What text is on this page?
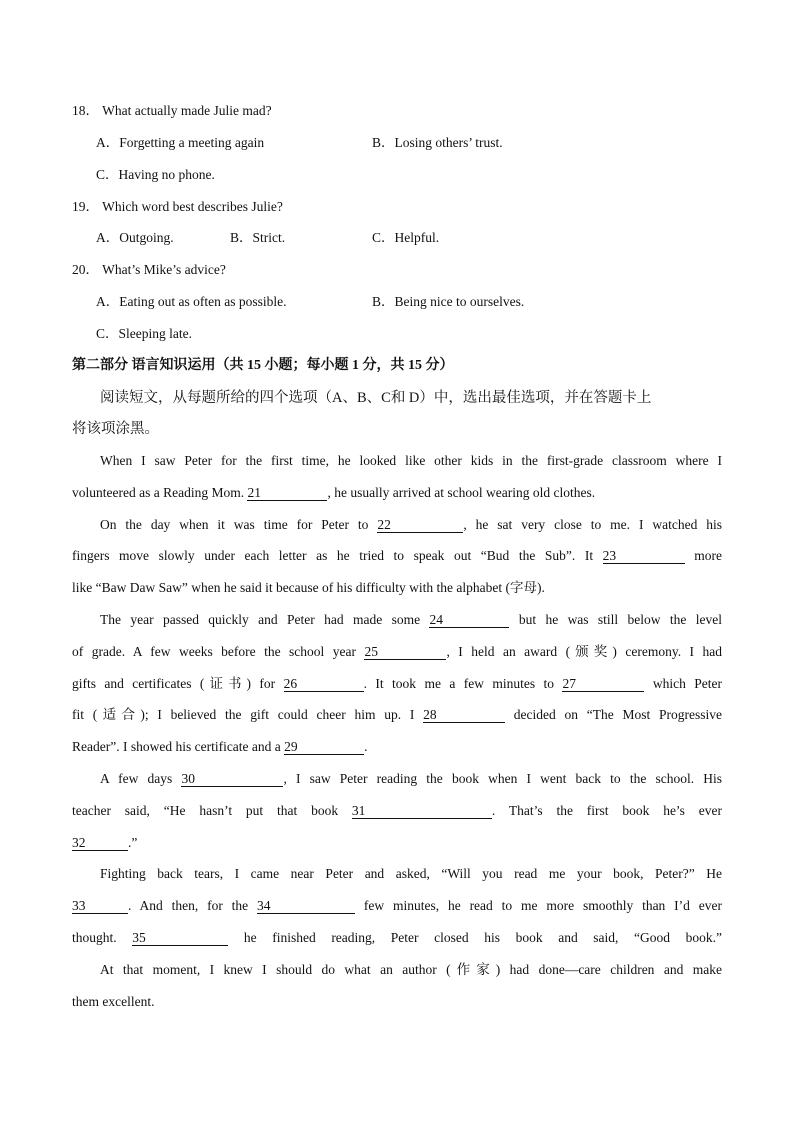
18． What actually made Julie mad?
A．Forgetting a meeting again	B．Losing others’ trust.
C．Having no phone.
19． Which word best describes Julie?
A．Outgoing.	B．Strict.	C．Helpful.
20． What’s Mike’s advice?
A．Eating out as often as possible.	B．Being nice to ourselves.
C．Sleeping late.
第二部分 语言知识运用（共 15 小题；每小题 1 分，共 15 分）
阅读短文，从每题所给的四个选项（A、B、C和 D）中，选出最佳选项，并在答题卡上
将该项涂黑。
When I saw Peter for the first time, he looked like other kids in the first-grade classroom where I
volunteered as a Reading Mom. 21	, he usually arrived at school wearing old clothes.
On the day when it was time for Peter to 22	, he sat very close to me. I watched his
fingers move slowly under each letter as he tried to speak out “Bud the Sub”. It 23	more
like “Baw Daw Saw” when he said it because of his difficulty with the alphabet (字母).
The year passed quickly and Peter had made some 24	but he was still below the level
of grade. A few weeks before the school year 25	, I held an award (颁奖) ceremony. I had
gifts and certificates (证书) for 26	. It took me a few minutes to 27	which Peter
fit (适合); I believed the gift could cheer him up. I 28	decided on “The Most Progressive
Reader”. I showed his certificate and a 29	.
A few days 30	, I saw Peter reading the book when I went back to the school. His
teacher said, “He hasn’t put that book 31	. That’s the first book he’s ever
32	.”
Fighting back tears, I came near Peter and asked, “Will you read me your book, Peter?” He
33	. And then, for the 34	few minutes, he read to me more smoothly than I’d ever
thought. 35	he finished reading, Peter closed his book and said, “Good book.”
At that moment, I knew I should do what an author (作家) had done—care children and make
them excellent.
